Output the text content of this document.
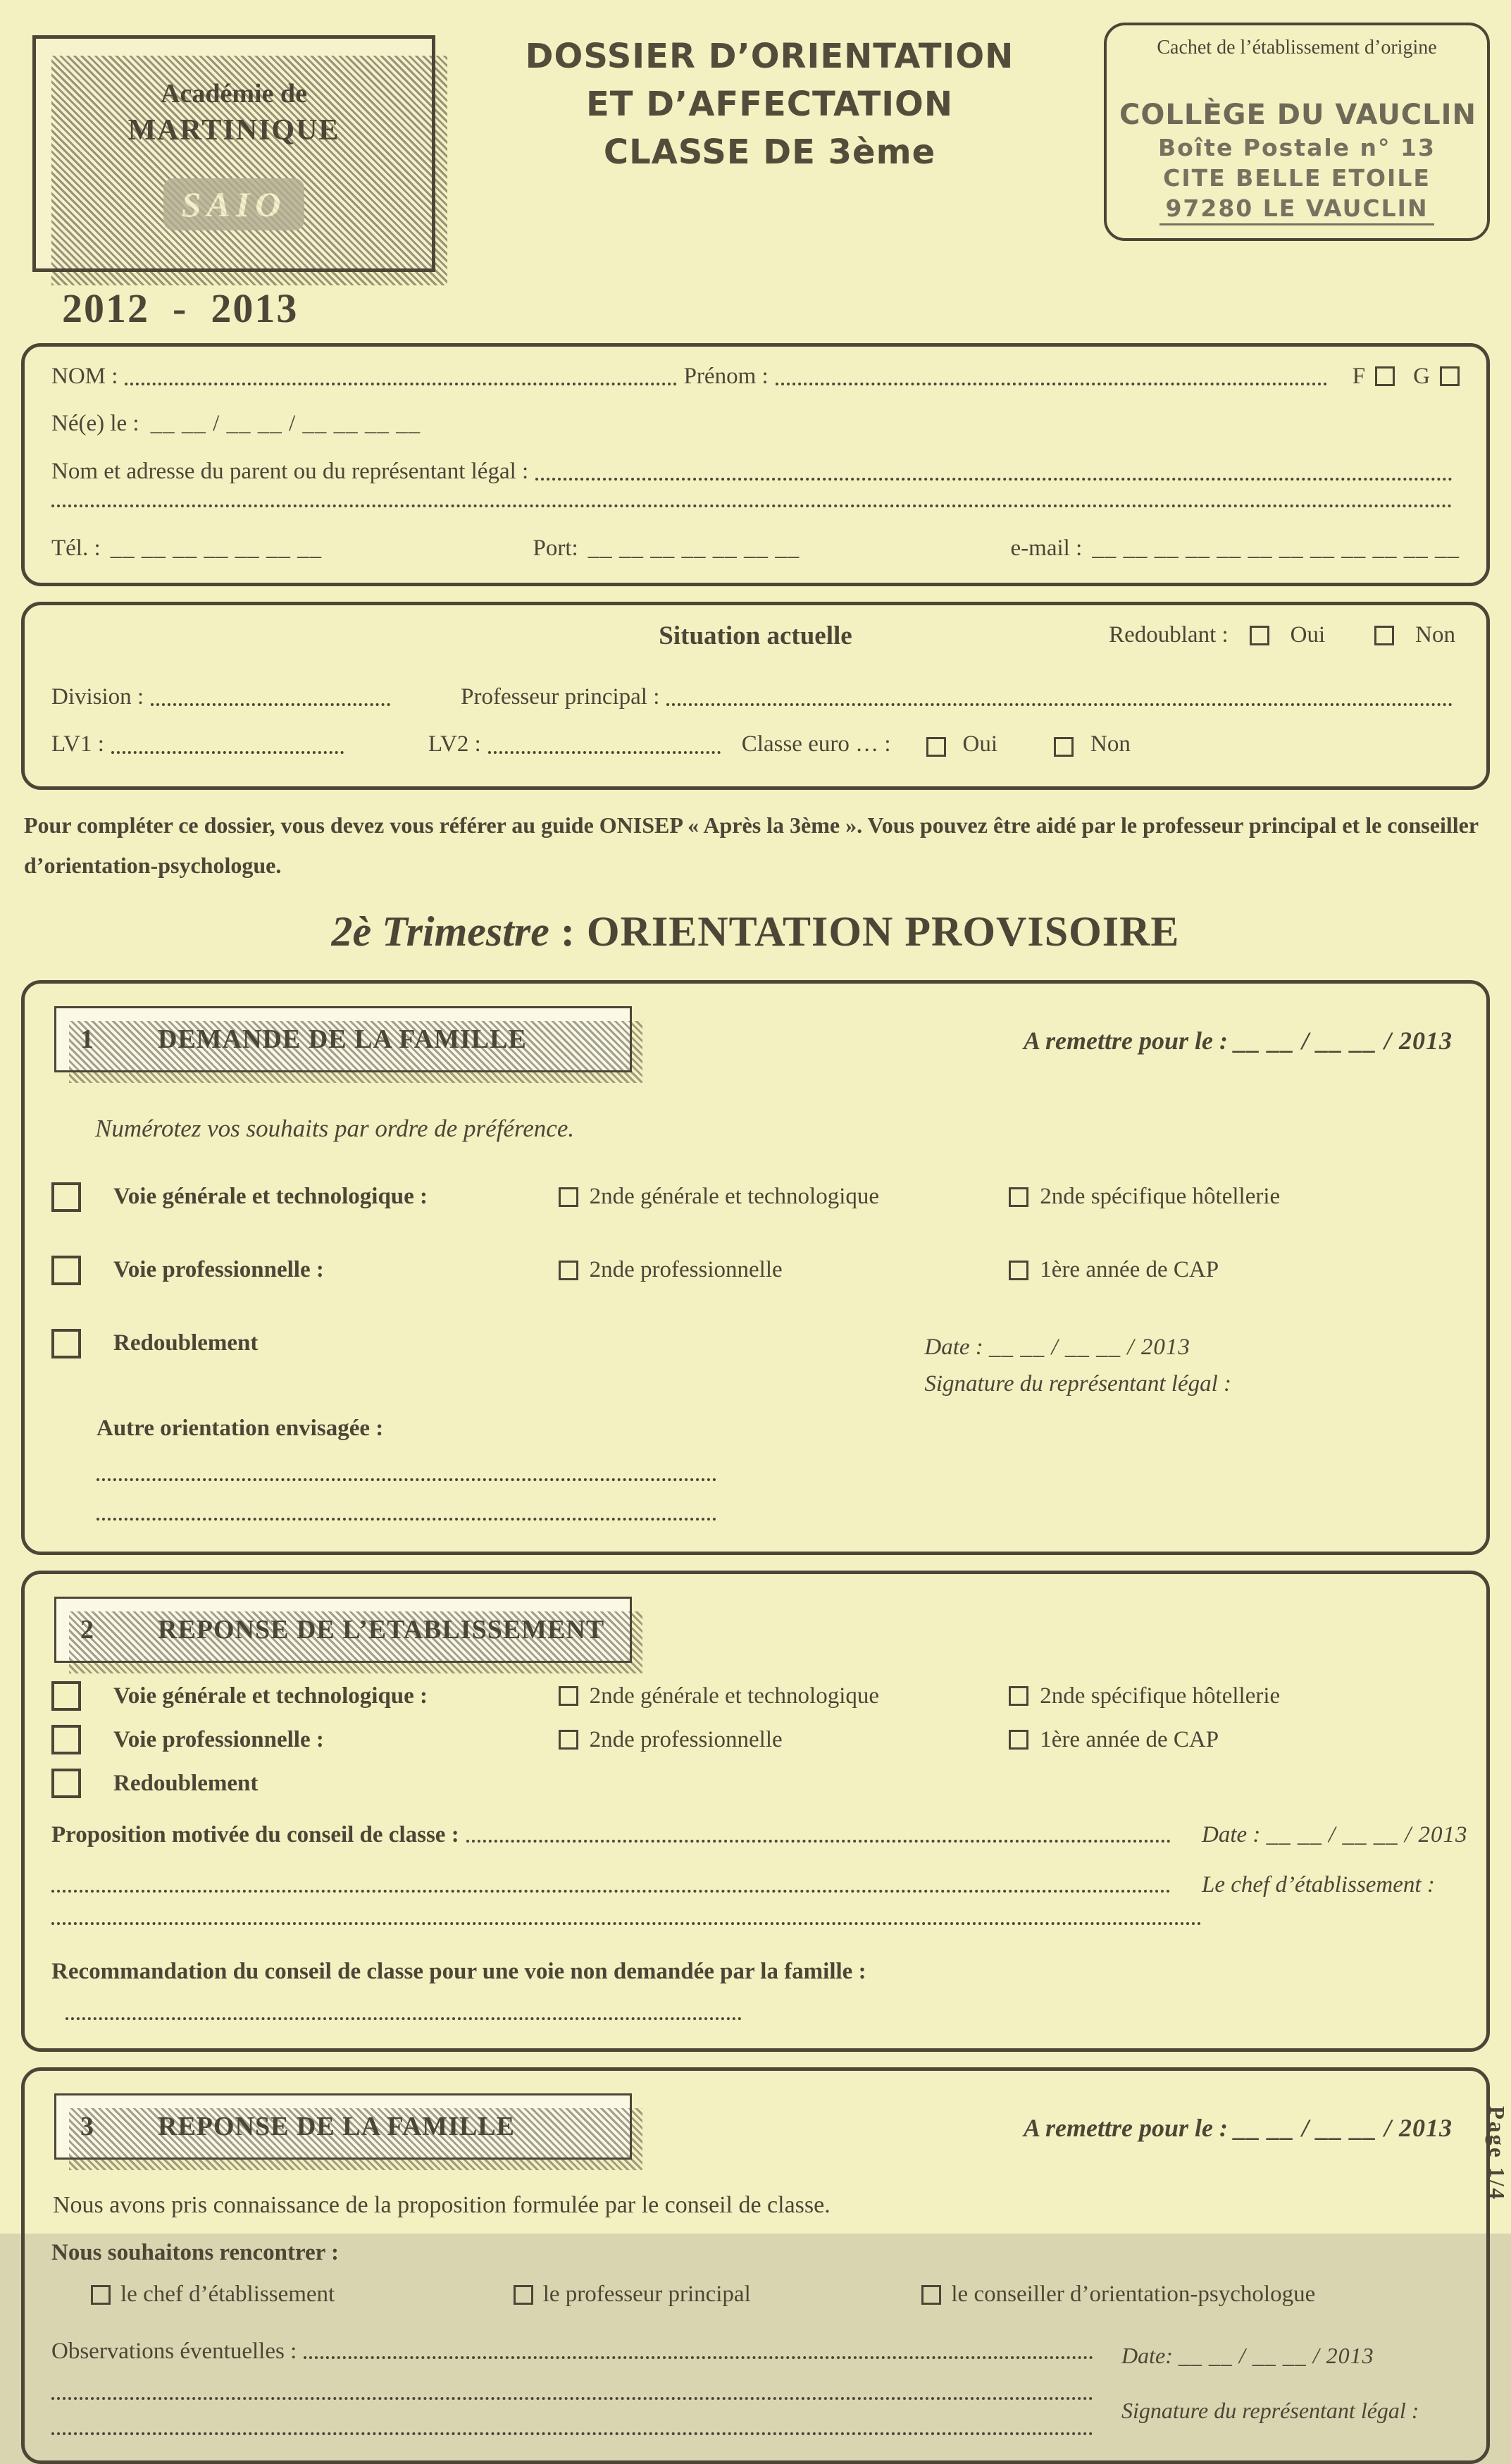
Académie de
MARTINIQUE
SAIO
DOSSIER D’ORIENTATION
ET D’AFFECTATION
CLASSE DE 3ème
Cachet de l’établissement d’origine
COLLÈGE DU VAUCLIN
Boîte Postale n° 13
CITE BELLE ETOILE
97280 LE VAUCLIN
2012  -  2013
NOM :	Prénom :	F	G
Né(e) le : __ __ / __ __ / __ __ __ __
Nom et adresse du parent ou du représentant légal :
Tél. : __ __ __ __ __ __ __	Port: __ __ __ __ __ __ __	e-mail : __ __ __ __ __ __ __ __ __ __ __ __
Situation actuelle	Redoublant :	Oui	Non
Division :	Professeur principal :
LV1 :	LV2 :	Classe euro … :	Oui	Non

Pour compléter ce dossier, vous devez vous référer au guide ONISEP « Après la 3ème ». Vous pouvez être aidé par le professeur principal et le conseiller d’orientation-psychologue.

2è Trimestre : ORIENTATION PROVISOIRE
1	DEMANDE DE LA FAMILLE	A remettre pour le : __ __ / __ __ / 2013
Numérotez vos souhaits par ordre de préférence.
Voie générale et technologique :	2nde générale et technologique	2nde spécifique hôtellerie
Voie professionnelle :	2nde professionnelle	1ère année de CAP
Redoublement	Date : __ __ / __ __ / 2013
Signature du représentant légal :
Autre orientation envisagée :
2	REPONSE DE L’ETABLISSEMENT
Voie générale et technologique :	2nde générale et technologique	2nde spécifique hôtellerie
Voie professionnelle :	2nde professionnelle	1ère année de CAP
Redoublement
Proposition motivée du conseil de classe :	Date : __ __ / __ __ / 2013
Le chef d’établissement :
Recommandation du conseil de classe pour une voie non demandée par la famille :
3	REPONSE DE LA FAMILLE	A remettre pour le : __ __ / __ __ / 2013
Nous avons pris connaissance de la proposition formulée par le conseil de classe.
Nous souhaitons rencontrer :
le chef d’établissement	le professeur principal	le conseiller d’orientation-psychologue
Observations éventuelles :	Date: __ __ / __ __ / 2013
Signature du représentant légal :
Page 1/4
